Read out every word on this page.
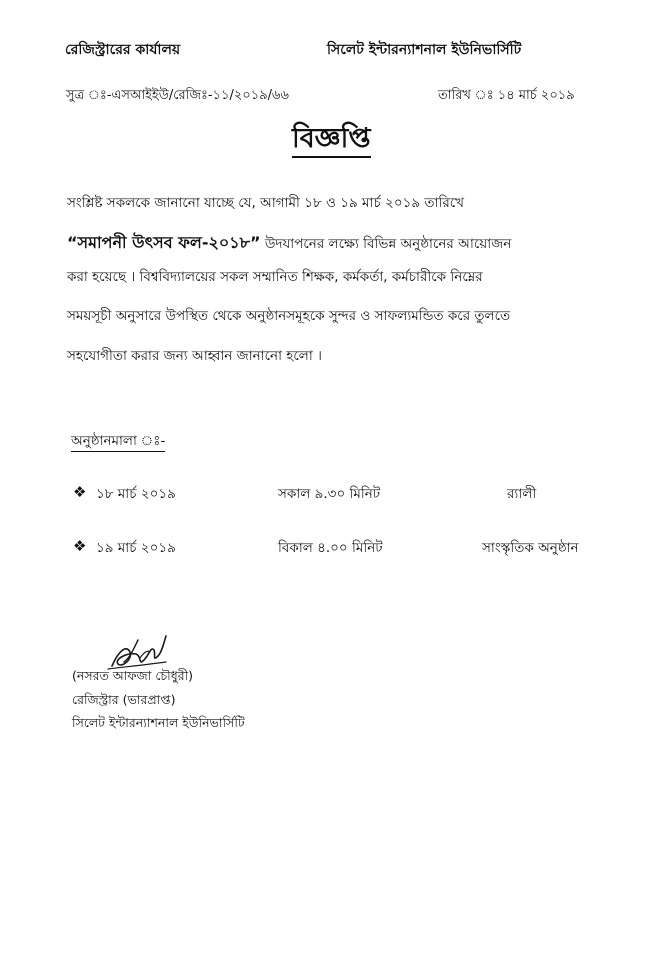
রেজিস্ট্রারের কার্যালয়	সিলেট ইন্টারন্যাশনাল ইউনিভার্সিটি
সুত্র ঃ-এসআইইউ/রেজিঃ-১১/২০১৯/৬৬	তারিখ ঃ ১৪ মার্চ ২০১৯
বিজ্ঞপ্তি
সংশ্লিষ্ট সকলকে জানানো যাচ্ছে যে, আগামী ১৮ ও ১৯ মার্চ ২০১৯ তারিখে
“সমাপনী উৎসব ফল-২০১৮” উদযাপনের লক্ষ্যে বিভিন্ন অনুষ্ঠানের আয়োজন
করা হয়েছে । বিশ্ববিদ্যালয়ের সকল সম্মানিত শিক্ষক, কর্মকর্তা, কর্মচারীকে নিম্নের
সময়সূচী অনুসারে উপস্থিত থেকে অনুষ্ঠানসমূহকে সুন্দর ও সাফল্যমন্ডিত করে তুলতে
সহযোগীতা করার জন্য আহ্বান জানানো হলো ।
অনুষ্ঠানমালা ঃ-
❖ ১৮ মার্চ ২০১৯	সকাল ৯.৩০ মিনিট	র‍্যালী
❖ ১৯ মার্চ ২০১৯	বিকাল ৪.০০ মিনিট	সাংস্কৃতিক অনুষ্ঠান
(নসরত আফজা চৌধুরী)
রেজিস্ট্রার (ভারপ্রাপ্ত)
সিলেট ইন্টারন্যাশনাল ইউনিভার্সিটি
